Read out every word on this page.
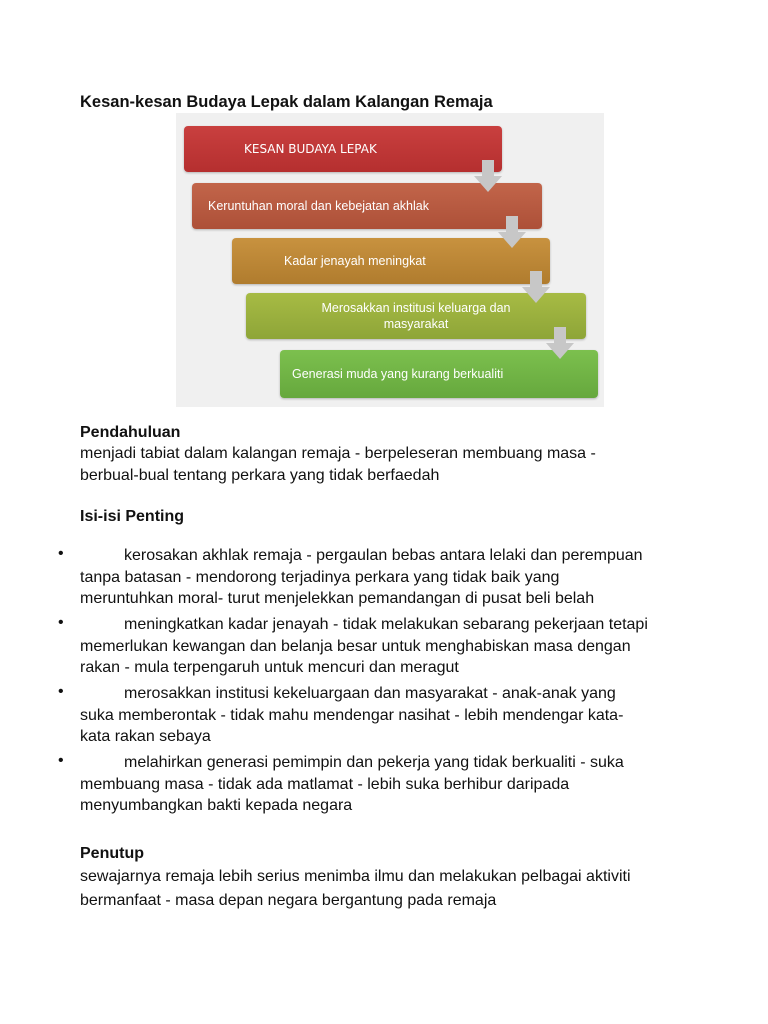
Kesan-kesan Budaya Lepak dalam Kalangan Remaja
KESAN BUDAYA LEPAK
Keruntuhan moral dan kebejatan akhlak
Kadar jenayah meningkat
Merosakkan institusi keluarga dan masyarakat
Generasi muda yang kurang berkualiti
Pendahuluan
menjadi tabiat dalam kalangan remaja - berpeleseran membuang masa -
berbual-bual tentang perkara yang tidak berfaedah
Isi-isi Penting
•	kerosakan akhlak remaja - pergaulan bebas antara lelaki dan perempuan
tanpa batasan - mendorong terjadinya perkara yang tidak baik yang
meruntuhkan moral- turut menjelekkan pemandangan di pusat beli belah
•	meningkatkan kadar jenayah - tidak melakukan sebarang pekerjaan tetapi
memerlukan kewangan dan belanja besar untuk menghabiskan masa dengan
rakan - mula terpengaruh untuk mencuri dan meragut
•	merosakkan institusi kekeluargaan dan masyarakat - anak-anak yang
suka memberontak - tidak mahu mendengar nasihat - lebih mendengar kata-
kata rakan sebaya
•	melahirkan generasi pemimpin dan pekerja yang tidak berkualiti - suka
membuang masa - tidak ada matlamat - lebih suka berhibur daripada
menyumbangkan bakti kepada negara
Penutup
sewajarnya remaja lebih serius menimba ilmu dan melakukan pelbagai aktiviti
bermanfaat - masa depan negara bergantung pada remaja
